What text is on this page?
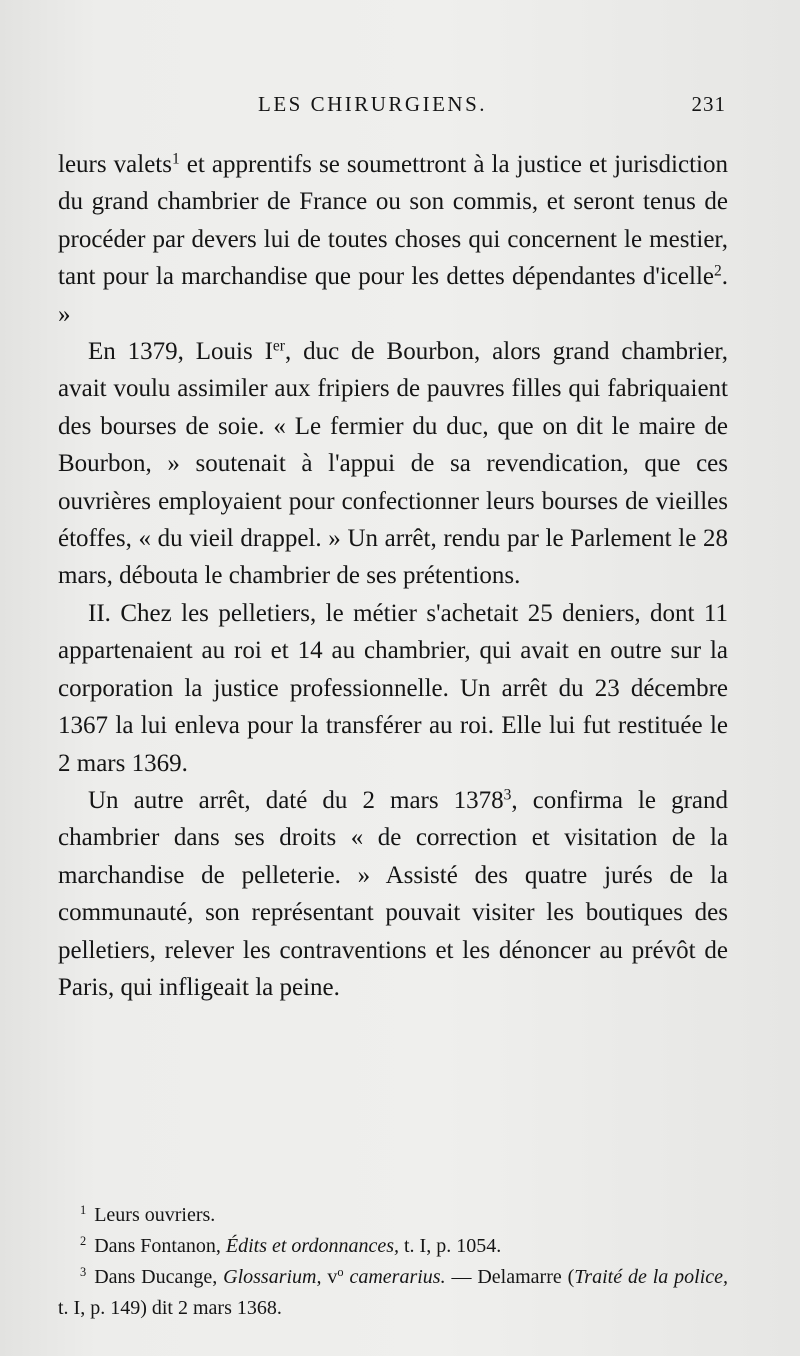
LES CHIRURGIENS.	231

leurs valets$^1$ et apprentifs se soumettront à la justice et jurisdiction du grand chambrier de France ou son commis, et seront tenus de procéder par devers lui de toutes choses qui concernent le mestier, tant pour la marchandise que pour les dettes dépendantes d'icelle$^2$. »

En 1379, Louis Ier, duc de Bourbon, alors grand chambrier, avait voulu assimiler aux fripiers de pauvres filles qui fabriquaient des bourses de soie. « Le fermier du duc, que on dit le maire de Bourbon, » soutenait à l'appui de sa revendication, que ces ouvrières employaient pour confectionner leurs bourses de vieilles étoffes, « du vieil drappel. » Un arrêt, rendu par le Parlement le 28 mars, débouta le chambrier de ses prétentions.

II. Chez les pelletiers, le métier s'achetait 25 deniers, dont 11 appartenaient au roi et 14 au chambrier, qui avait en outre sur la corporation la justice professionnelle. Un arrêt du 23 décembre 1367 la lui enleva pour la transférer au roi. Elle lui fut restituée le 2 mars 1369.

Un autre arrêt, daté du 2 mars 1378$^3$, confirma le grand chambrier dans ses droits « de correction et visitation de la marchandise de pelleterie. » Assisté des quatre jurés de la communauté, son représentant pouvait visiter les boutiques des pelletiers, relever les contraventions et les dénoncer au prévôt de Paris, qui infligeait la peine.

$^1$ Leurs ouvriers.

$^2$ Dans Fontanon, Édits et ordonnances, t. I, p. 1054.

$^3$ Dans Ducange, Glossarium, $v^o$ camerarius. — Delamarre (Traité de la police, t. I, p. 149) dit 2 mars 1368.
